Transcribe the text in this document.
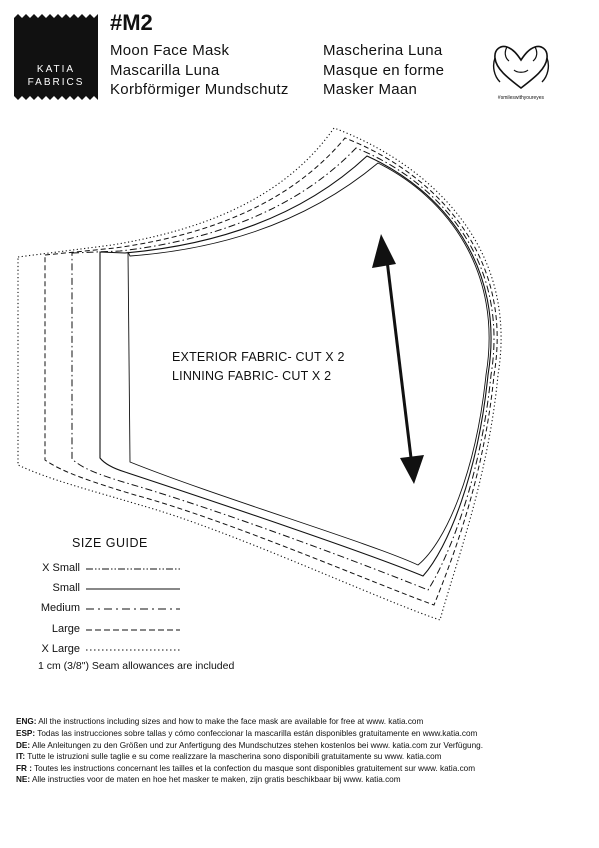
KATIA
FABRICS
#M2
Moon Face Mask
Mascarilla Luna
Korbförmiger Mundschutz
Mascherina Luna
Masque en forme
Masker Maan	#smileswithyoureyes
EXTERIOR FABRIC- CUT X 2
LINNING FABRIC- CUT X 2
SIZE GUIDE
X Small
Small
Medium
Large
X Large
1 cm (3/8") Seam allowances are included
ENG: All the instructions including sizes and how to make the face mask are available for free at www. katia.com
ESP: Todas las instrucciones sobre tallas y cómo confeccionar la mascarilla están disponibles gratuitamente en www.katia.com
DE: Alle Anleitungen zu den Größen und zur Anfertigung des Mundschutzes stehen kostenlos bei www. katia.com zur Verfügung.
IT: Tutte le istruzioni sulle taglie e su come realizzare la mascherina sono disponibili gratuitamente su www. katia.com
FR : Toutes les instructions concernant les tailles et la confection du masque sont disponibles gratuitement sur www. katia.com
NE: Alle instructies voor de maten en hoe het masker te maken, zijn gratis beschikbaar bij www. katia.com
